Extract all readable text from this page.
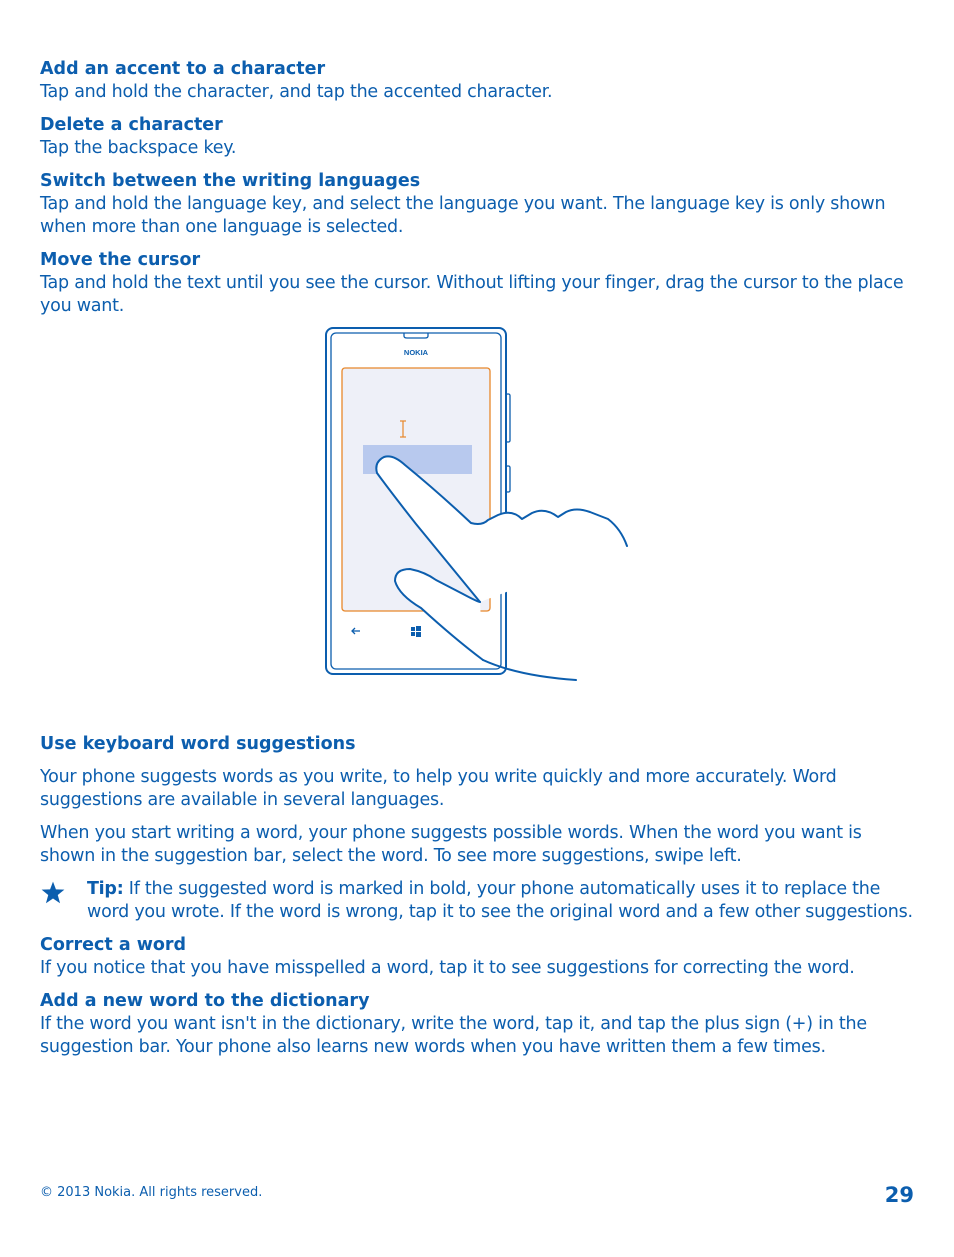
Add an accent to a character

Tap and hold the character, and tap the accented character.

Delete a character

Tap the backspace key.

Switch between the writing languages

Tap and hold the language key, and select the language you want. The language key is only shown when more than one language is selected.

Move the cursor

Tap and hold the text until you see the cursor. Without lifting your finger, drag the cursor to the place you want.

NOKIA

Use keyboard word suggestions

Your phone suggests words as you write, to help you write quickly and more accurately. Word suggestions are available in several languages.

When you start writing a word, your phone suggests possible words. When the word you want is shown in the suggestion bar, select the word. To see more suggestions, swipe left.

Tip: If the suggested word is marked in bold, your phone automatically uses it to replace the word you wrote. If the word is wrong, tap it to see the original word and a few other suggestions.

Correct a word

If you notice that you have misspelled a word, tap it to see suggestions for correcting the word.

Add a new word to the dictionary

If the word you want isn't in the dictionary, write the word, tap it, and tap the plus sign (+) in the suggestion bar. Your phone also learns new words when you have written them a few times.

© 2013 Nokia. All rights reserved.	29
